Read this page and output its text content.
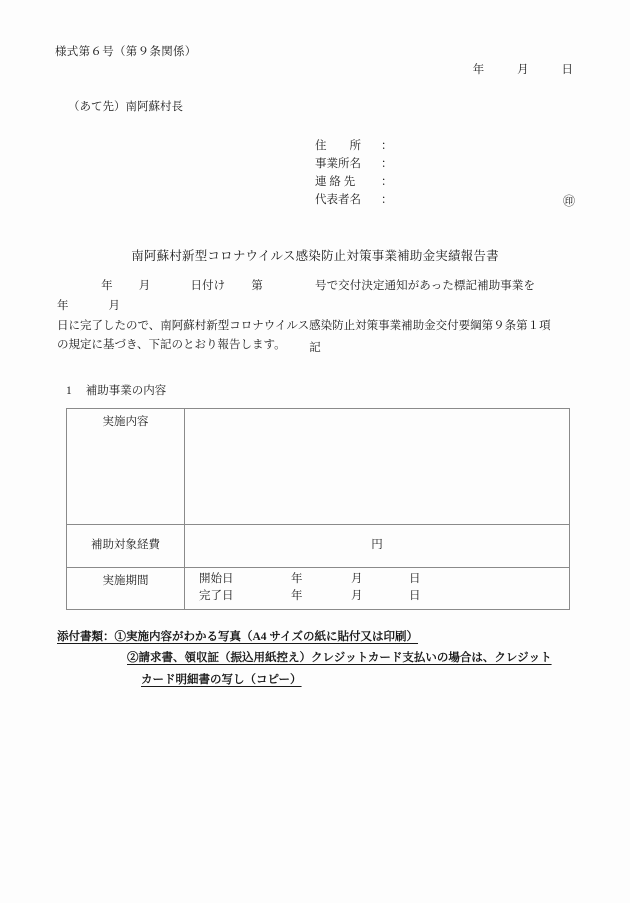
様式第６号（第９条関係）
年	月	日
（あて先）南阿蘇村長
住　　所	：
事業所名	：
連 絡 先	：
代表者名	：	㊞
南阿蘇村新型コロナウイルス感染防止対策事業補助金実績報告書
年 月	日付け 第	号で交付決定通知があった標記補助事業を年	月
日に完了したので、南阿蘇村新型コロナウイルス感染防止対策事業補助金交付要綱第９条第１項
の規定に基づき、下記のとおり報告します。	記
1 補助事業の内容
実施内容	
補助対象経費	円

実施期間	開始日	年	月	日
完了日	年	月	日
添付書類：①実施内容がわかる写真（A4 サイズの紙に貼付又は印刷）
②請求書、領収証（振込用紙控え）クレジットカード支払いの場合は、クレジット
カード明細書の写し（コピー）
